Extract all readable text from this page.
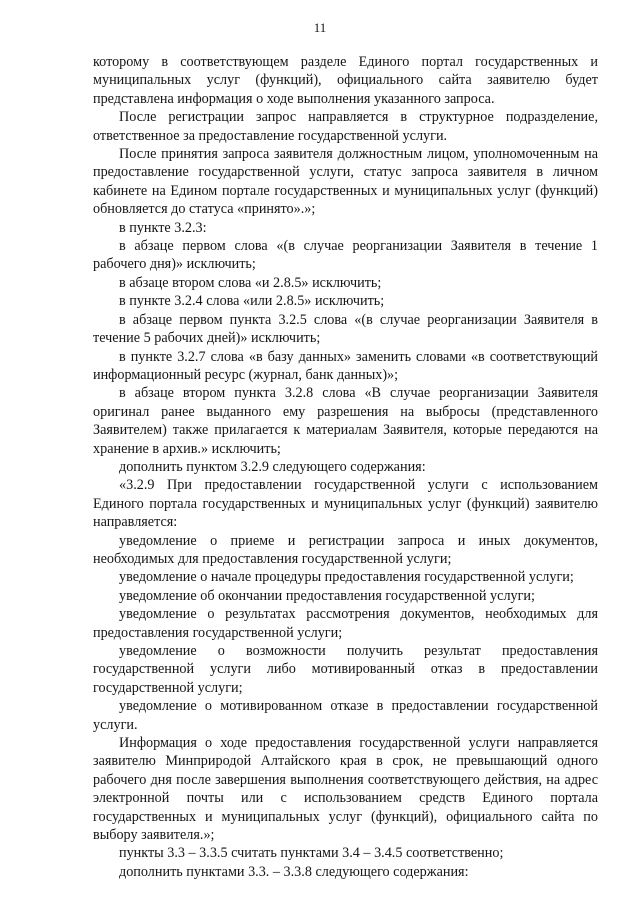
11

которому в соответствующем разделе Единого портал государственных и муниципальных услуг (функций), официального сайта заявителю будет представлена информация о ходе выполнения указанного запроса.

После регистрации запрос направляется в структурное подразделение, ответственное за предоставление государственной услуги.

После принятия запроса заявителя должностным лицом, уполномоченным на предоставление государственной услуги, статус запроса заявителя в личном кабинете на Едином портале государственных и муниципальных услуг (функций) обновляется до статуса «принято».»;

в пункте 3.2.3:

в абзаце первом слова «(в случае реорганизации Заявителя в течение 1 рабочего дня)» исключить;

в абзаце втором слова «и 2.8.5» исключить;

в пункте 3.2.4 слова «или 2.8.5» исключить;

в абзаце первом пункта 3.2.5 слова «(в случае реорганизации Заявителя в течение 5 рабочих дней)» исключить;

в пункте 3.2.7 слова «в базу данных» заменить словами «в соответствующий информационный ресурс (журнал, банк данных)»;

в абзаце втором пункта 3.2.8 слова «В случае реорганизации Заявителя оригинал ранее выданного ему разрешения на выбросы (представленного Заявителем) также прилагается к материалам Заявителя, которые передаются на хранение в архив.» исключить;

дополнить пунктом 3.2.9 следующего содержания:

«3.2.9 При предоставлении государственной услуги с использованием Единого портала государственных и муниципальных услуг (функций) заявителю направляется:

уведомление о приеме и регистрации запроса и иных документов, необходимых для предоставления государственной услуги;

уведомление о начале процедуры предоставления государственной услуги;

уведомление об окончании предоставления государственной услуги;

уведомление о результатах рассмотрения документов, необходимых для предоставления государственной услуги;

уведомление о возможности получить результат предоставления государственной услуги либо мотивированный отказ в предоставлении государственной услуги;

уведомление о мотивированном отказе в предоставлении государственной услуги.

Информация о ходе предоставления государственной услуги направляется заявителю Минприродой Алтайского края в срок, не превышающий одного рабочего дня после завершения выполнения соответствующего действия, на адрес электронной почты или с использованием средств Единого портала государственных и муниципальных услуг (функций), официального сайта по выбору заявителя.»;

пункты 3.3 – 3.3.5 считать пунктами 3.4 – 3.4.5 соответственно;

дополнить пунктами 3.3. – 3.3.8 следующего содержания:
